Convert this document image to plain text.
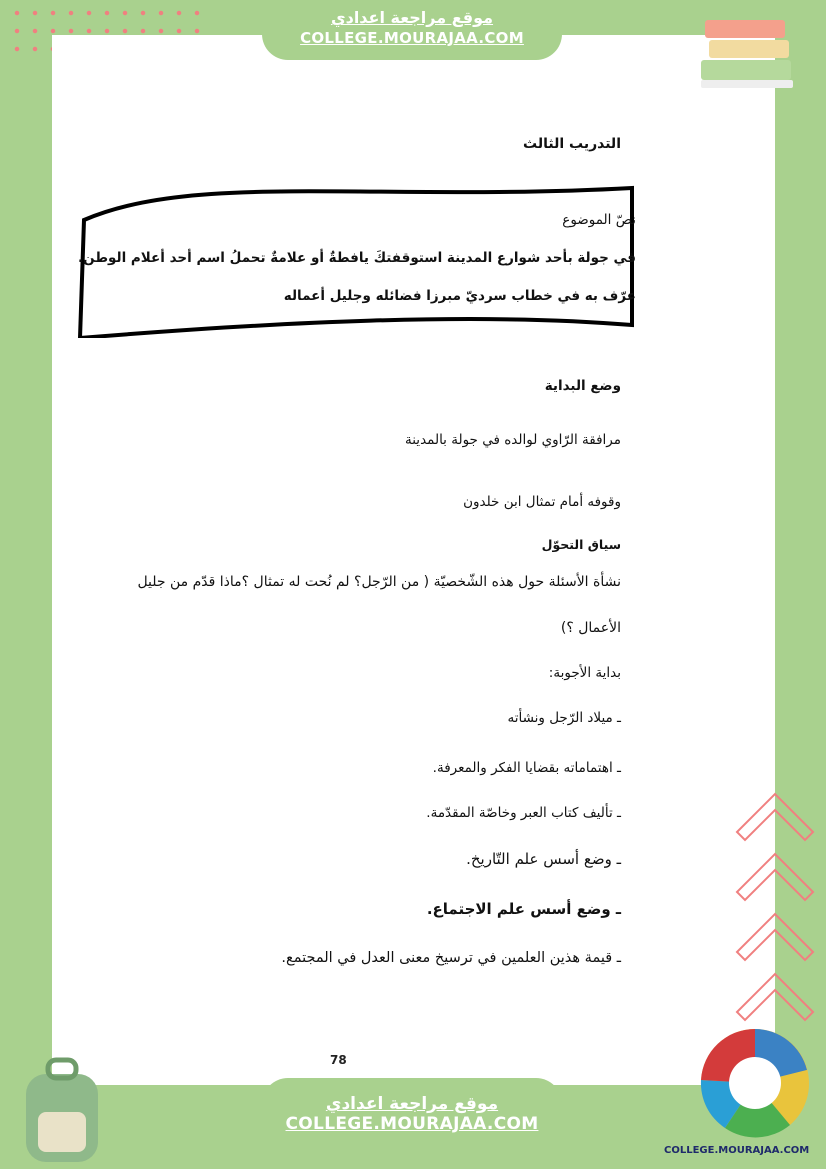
موقع مراجعة اعدادي
COLLEGE.MOURAJAA.COM
التدريب الثالث
نصّ الموضوع
في جولة بأحد شوارع المدينة استوقفتكَ يافطةٌ أو علامةٌ تحملُ اسم أحد أعلام الوطن.
عرّف به في خطاب سرديّ مبرزا فضائله وجليل أعماله
وضع البداية
مرافقة الرّاوي لوالده في جولة بالمدينة
وقوفه أمام تمثال ابن خلدون
سياق التحوّل
نشأة الأسئلة حول هذه الشّخصيّة ( من الرّجل؟ لم نُحت له تمثال ؟ماذا قدّم من جليل
الأعمال ؟)
بداية الأجوبة:
ـ ميلاد الرّجل ونشأته
ـ اهتماماته بقضايا الفكر والمعرفة.
ـ تأليف كتاب العبر وخاصّة المقدّمة.
ـ وضع أسس علم التّاريخ.
ـ وضع أسس علم الاجتماع.
ـ قيمة هذين العلمين في ترسيخ معنى العدل في المجتمع.
78
COLLEGE.MOURAJAA.COM
موقع مراجعة اعدادي
COLLEGE.MOURAJAA.COM
